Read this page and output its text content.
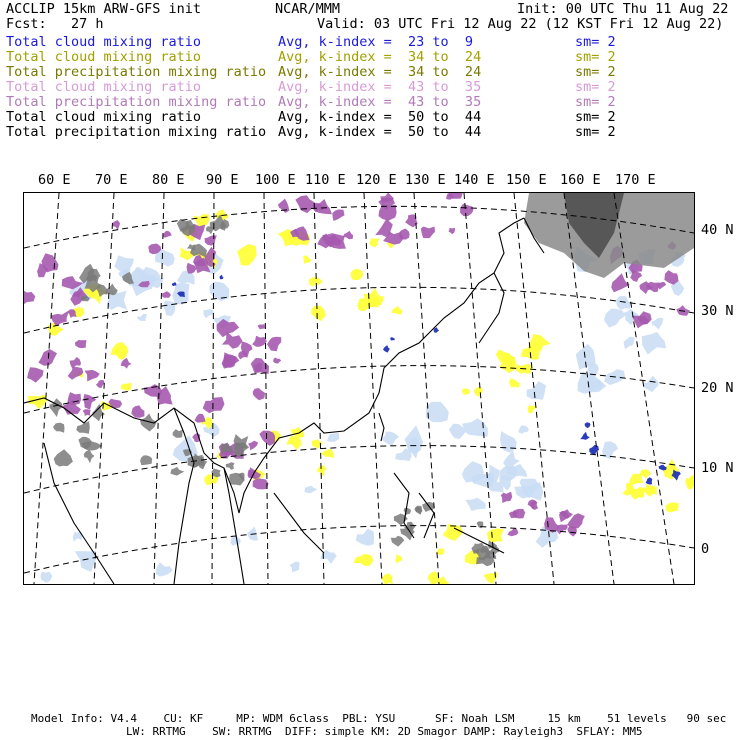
ACCLIP 15km ARW-GFS init	NCAR/MMM	Init: 00 UTC Thu 11 Aug 22
Fcst:   27 h	Valid: 03 UTC Fri 12 Aug 22 (12 KST Fri 12 Aug 22)
Total cloud mixing ratio	Avg, k-index =  23 to  9	sm= 2
Total cloud mixing ratio	Avg, k-index =  34 to  24	sm= 2
Total precipitation mixing ratio Avg, k-index =  34 to  24	sm= 2
Total cloud mixing ratio	Avg, k-index =  43 to  35	sm= 2
Total precipitation mixing ratio Avg, k-index =  43 to  35	sm= 2
Total cloud mixing ratio	Avg, k-index =  50 to  44	sm= 2
Total precipitation mixing ratio Avg, k-index =  50 to  44	sm= 2
60 E 70 E 80 E 90 E 100 E 110 E 120 E 130 E 140 E 150 E 160 E 170 E
40 N
30 N
20 N
10 N
0
Model Info: V4.4    CU: KF     MP: WDM 6class  PBL: YSU      SF: Noah LSM     15 km    51 levels   90 sec
LW: RRTMG    SW: RRTMG  DIFF: simple KM: 2D Smagor DAMP: Rayleigh3  SFLAY: MM5
